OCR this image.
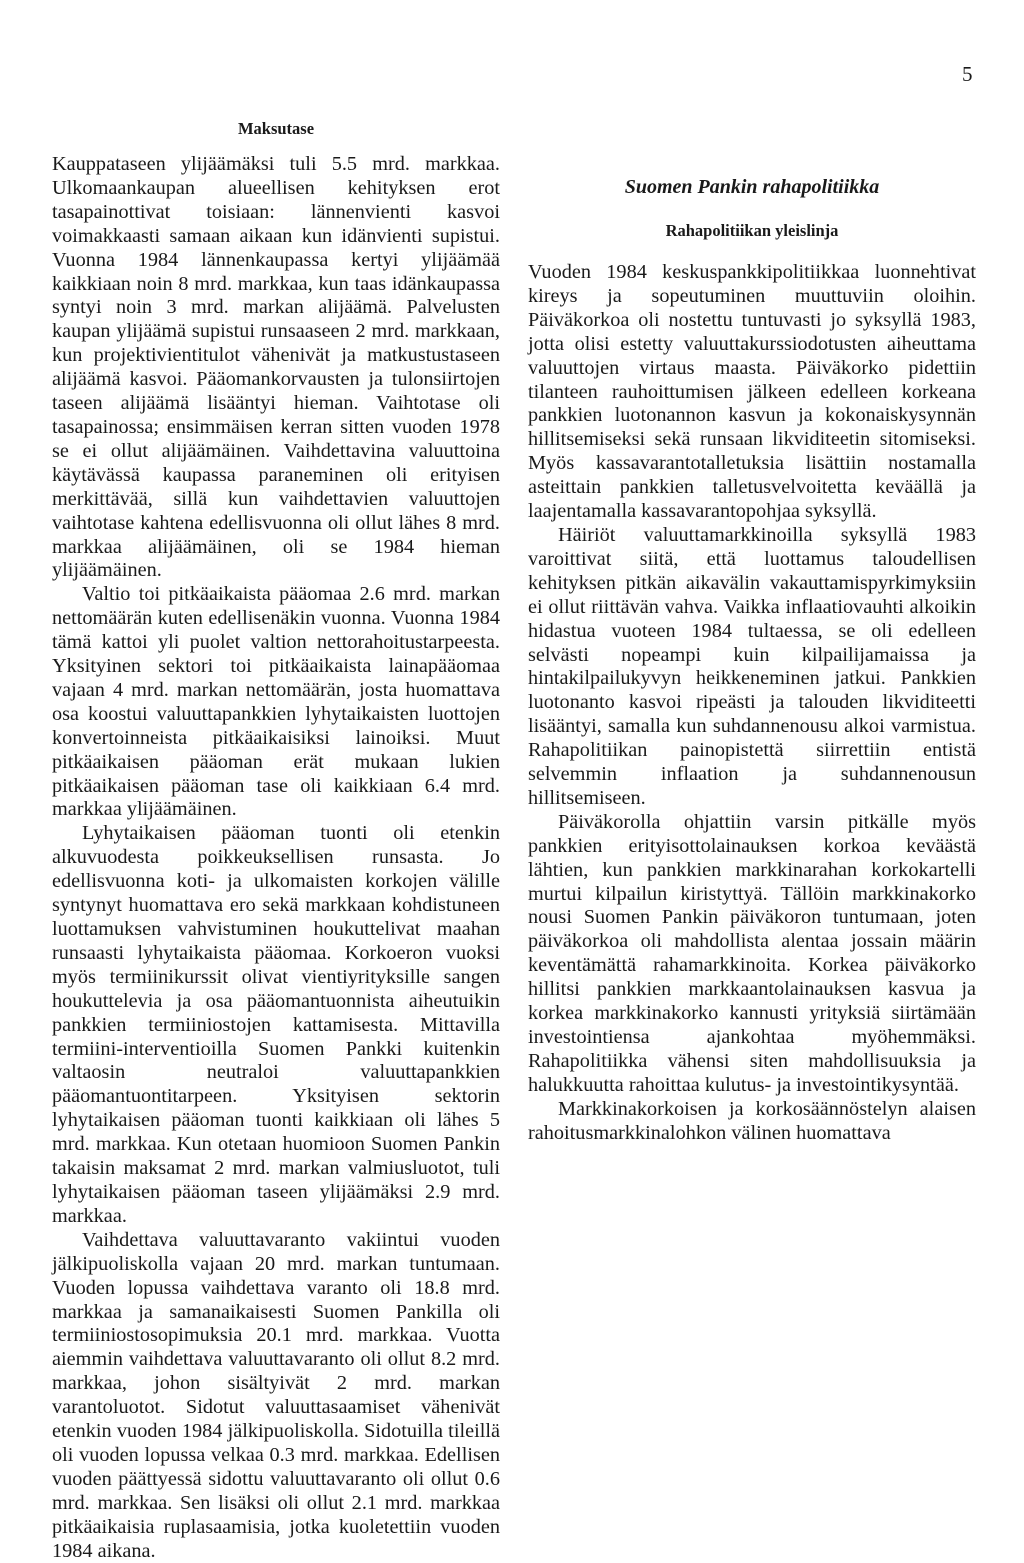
5
Maksutase

Kauppataseen ylijäämäksi tuli 5.5 mrd. markkaa. Ulkomaankaupan alueellisen kehityksen erot tasapainottivat toisiaan: lännenvienti kasvoi voimakkaasti samaan aikaan kun idänvienti supistui. Vuonna 1984 lännenkaupassa kertyi ylijäämää kaikkiaan noin 8 mrd. markkaa, kun taas idänkaupassa syntyi noin 3 mrd. markan alijäämä. Palvelusten kaupan ylijäämä supistui runsaaseen 2 mrd. markkaan, kun projektivientitulot vähenivät ja matkustustaseen alijäämä kasvoi. Pääomankorvausten ja tulonsiirtojen taseen alijäämä lisääntyi hieman. Vaihtotase oli tasapainossa; ensimmäisen kerran sitten vuoden 1978 se ei ollut alijäämäinen. Vaihdettavina valuuttoina käytävässä kaupassa paraneminen oli erityisen merkittävää, sillä kun vaihdettavien valuuttojen vaihtotase kahtena edellisvuonna oli ollut lähes 8 mrd. markkaa alijäämäinen, oli se 1984 hieman ylijäämäinen.

Valtio toi pitkäaikaista pääomaa 2.6 mrd. markan nettomäärän kuten edellisenäkin vuonna. Vuonna 1984 tämä kattoi yli puolet valtion nettorahoitustarpeesta. Yksityinen sektori toi pitkäaikaista lainapääomaa vajaan 4 mrd. markan nettomäärän, josta huomattava osa koostui valuuttapankkien lyhytaikaisten luottojen konvertoinneista pitkäaikaisiksi lainoiksi. Muut pitkäaikaisen pääoman erät mukaan lukien pitkäaikaisen pääoman tase oli kaikkiaan 6.4 mrd. markkaa ylijäämäinen.

Lyhytaikaisen pääoman tuonti oli etenkin alkuvuodesta poikkeuksellisen runsasta. Jo edellisvuonna koti- ja ulkomaisten korkojen välille syntynyt huomattava ero sekä markkaan kohdistuneen luottamuksen vahvistuminen houkuttelivat maahan runsaasti lyhytaikaista pääomaa. Korkoeron vuoksi myös termiinikurssit olivat vientiyrityksille sangen houkuttelevia ja osa pääomantuonnista aiheutuikin pankkien termiiniostojen kattamisesta. Mittavilla termiini-interventioilla Suomen Pankki kuitenkin valtaosin neutraloi valuuttapankkien pääomantuontitarpeen. Yksityisen sektorin lyhytaikaisen pääoman tuonti kaikkiaan oli lähes 5 mrd. markkaa. Kun otetaan huomioon Suomen Pankin takaisin maksamat 2 mrd. markan valmiusluotot, tuli lyhytaikaisen pääoman taseen ylijäämäksi 2.9 mrd. markkaa.

Vaihdettava valuuttavaranto vakiintui vuoden jälkipuoliskolla vajaan 20 mrd. markan tuntumaan. Vuoden lopussa vaihdettava varanto oli 18.8 mrd. markkaa ja samanaikaisesti Suomen Pankilla oli termiiniostosopimuksia 20.1 mrd. markkaa. Vuotta aiemmin vaihdettava valuuttavaranto oli ollut 8.2 mrd. markkaa, johon sisältyivät 2 mrd. markan varantoluotot. Sidotut valuuttasaamiset vähenivät etenkin vuoden 1984 jälkipuoliskolla. Sidotuilla tileillä oli vuoden lopussa velkaa 0.3 mrd. markkaa. Edellisen vuoden päättyessä sidottu valuuttavaranto oli ollut 0.6 mrd. markkaa. Sen lisäksi oli ollut 2.1 mrd. markkaa pitkäaikaisia ruplasaamisia, jotka kuoletettiin vuoden 1984 aikana.

Suomen Pankin rahapolitiikka
Rahapolitiikan yleislinja

Vuoden 1984 keskuspankkipolitiikkaa luonnehtivat kireys ja sopeutuminen muuttuviin oloihin. Päiväkorkoa oli nostettu tuntuvasti jo syksyllä 1983, jotta olisi estetty valuuttakurssiodotusten aiheuttama valuuttojen virtaus maasta. Päiväkorko pidettiin tilanteen rauhoittumisen jälkeen edelleen korkeana pankkien luotonannon kasvun ja kokonaiskysynnän hillitsemiseksi sekä runsaan likviditeetin sitomiseksi. Myös kassavarantotalletuksia lisättiin nostamalla asteittain pankkien talletusvelvoitetta keväällä ja laajentamalla kassavarantopohjaa syksyllä.

Häiriöt valuuttamarkkinoilla syksyllä 1983 varoittivat siitä, että luottamus taloudellisen kehityksen pitkän aikavälin vakauttamispyrkimyksiin ei ollut riittävän vahva. Vaikka inflaatiovauhti alkoikin hidastua vuoteen 1984 tultaessa, se oli edelleen selvästi nopeampi kuin kilpailijamaissa ja hintakilpailukyvyn heikkeneminen jatkui. Pankkien luotonanto kasvoi ripeästi ja talouden likviditeetti lisääntyi, samalla kun suhdannenousu alkoi varmistua. Rahapolitiikan painopistettä siirrettiin entistä selvemmin inflaation ja suhdannenousun hillitsemiseen.

Päiväkorolla ohjattiin varsin pitkälle myös pankkien erityisottolainauksen korkoa keväästä lähtien, kun pankkien markkinarahan korkokartelli murtui kilpailun kiristyttyä. Tällöin markkinakorko nousi Suomen Pankin päiväkoron tuntumaan, joten päiväkorkoa oli mahdollista alentaa jossain määrin keventämättä rahamarkkinoita. Korkea päiväkorko hillitsi pankkien markkaantolainauksen kasvua ja korkea markkinakorko kannusti yrityksiä siirtämään investointiensa ajankohtaa myöhemmäksi. Rahapolitiikka vähensi siten mahdollisuuksia ja halukkuutta rahoittaa kulutus- ja investointikysyntää.

Markkinakorkoisen ja korkosäännöstelyn alaisen rahoitusmarkkinalohkon välinen huomattava
